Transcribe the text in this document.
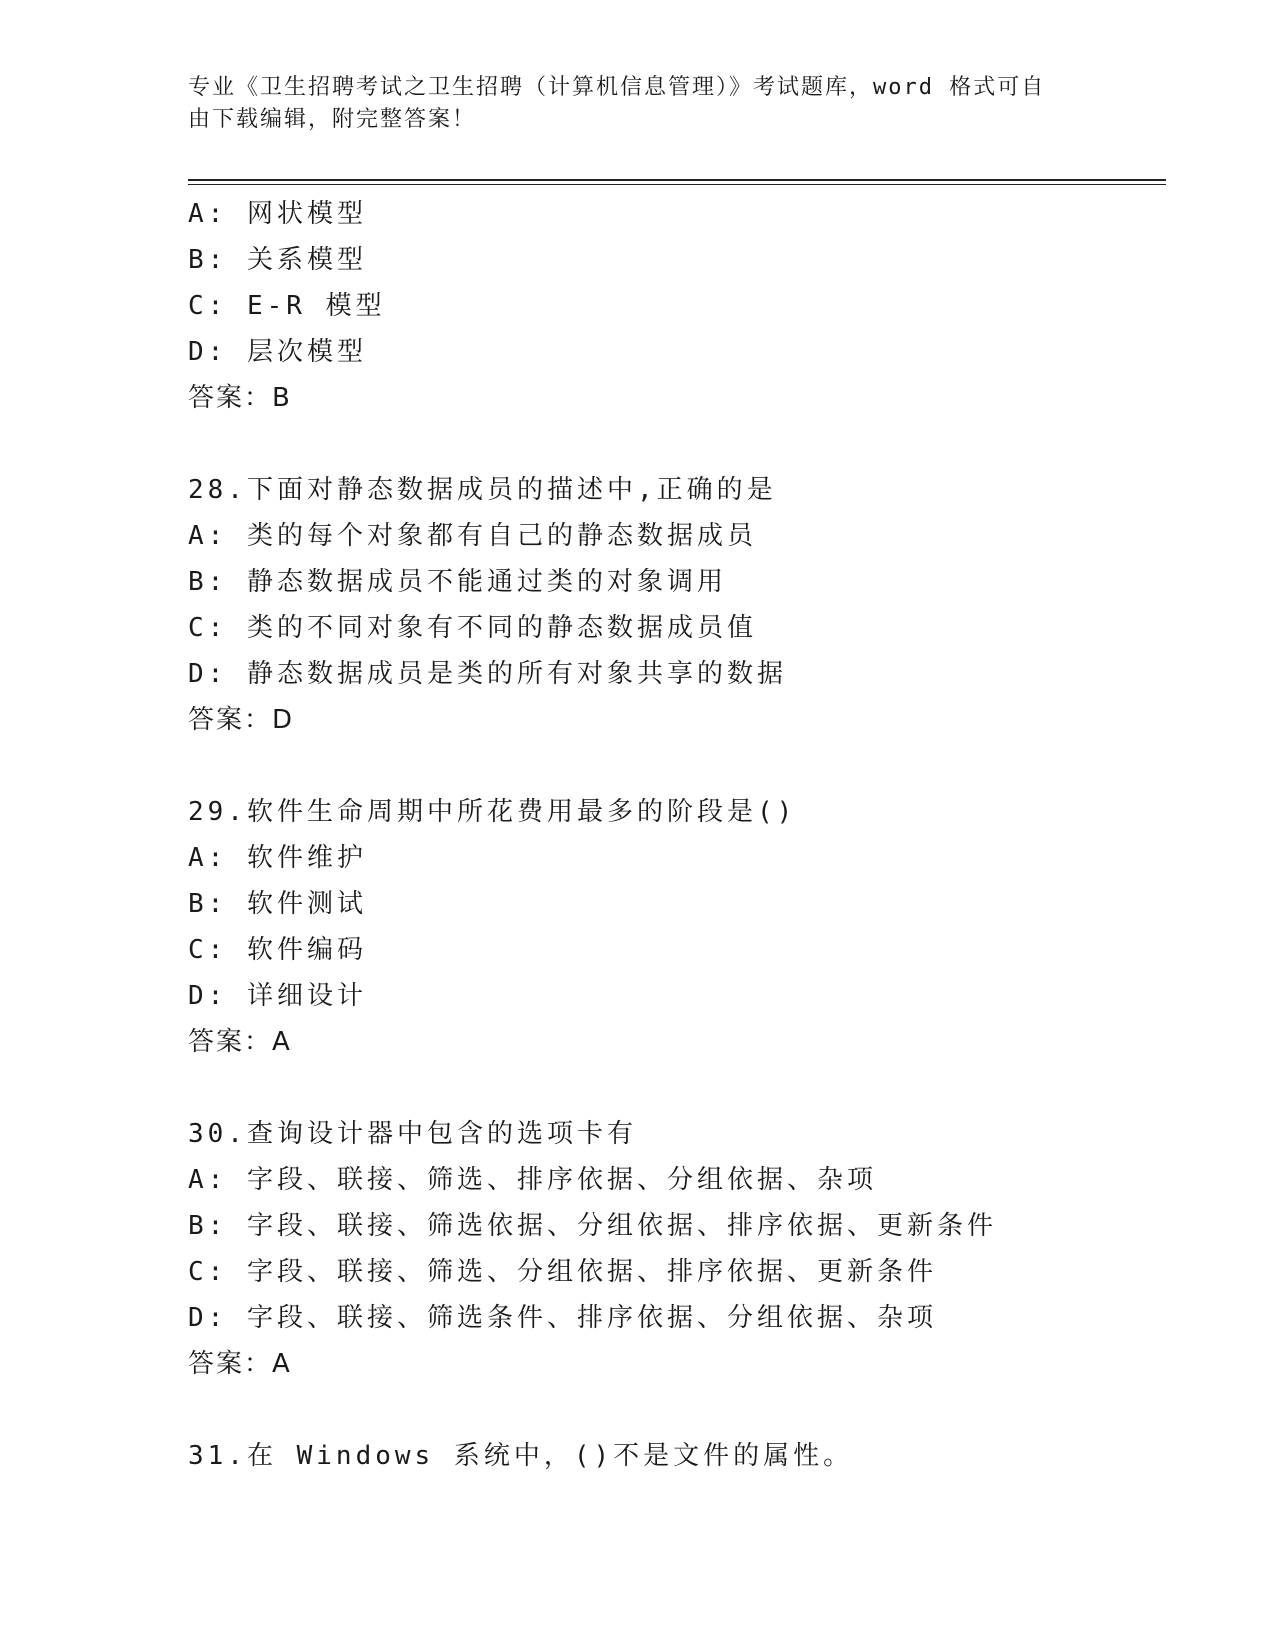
专业《卫生招聘考试之卫生招聘（计算机信息管理）》考试题库，word 格式可自
由下载编辑，附完整答案！
A: 网状模型
B: 关系模型
C: E-R 模型
D: 层次模型
答案：B
28.下面对静态数据成员的描述中,正确的是
A: 类的每个对象都有自己的静态数据成员
B: 静态数据成员不能通过类的对象调用
C: 类的不同对象有不同的静态数据成员值
D: 静态数据成员是类的所有对象共享的数据
答案：D
29.软件生命周期中所花费用最多的阶段是()
A: 软件维护
B: 软件测试
C: 软件编码
D: 详细设计
答案：A
30.查询设计器中包含的选项卡有
A: 字段、联接、筛选、排序依据、分组依据、杂项
B: 字段、联接、筛选依据、分组依据、排序依据、更新条件
C: 字段、联接、筛选、分组依据、排序依据、更新条件
D: 字段、联接、筛选条件、排序依据、分组依据、杂项
答案：A
31.在 Windows 系统中，()不是文件的属性。
